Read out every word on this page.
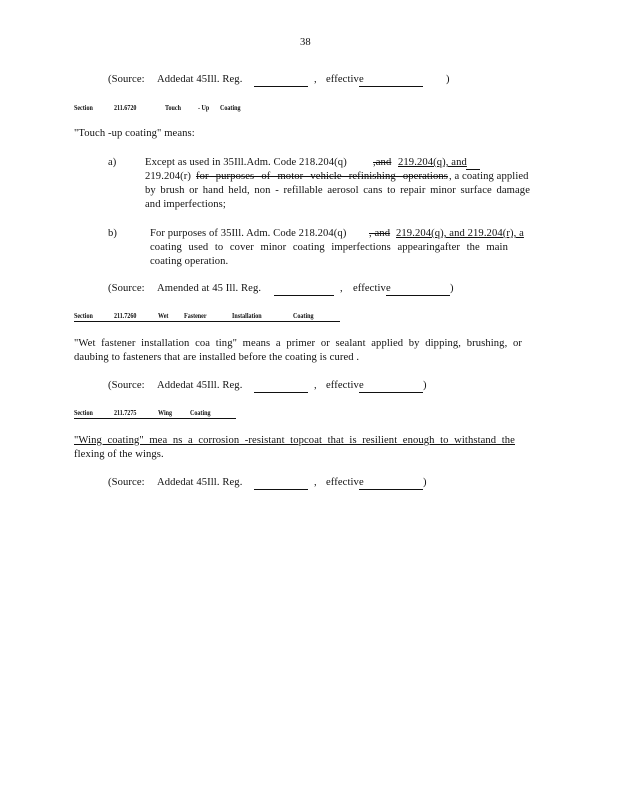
38
(Source: Addedat 45Ill. Reg.	, effective	)
Section	211.6720	Touch - Up Coating
"Touch -up coating" means:
a)	Except as used in 35Ill.Adm. Code 218.204(q) ,and 219.204(q), and
219.204(r) for purposes of motor vehicle refinishing operations , a coating applied
by brush or hand held, non - refillable aerosol cans to repair minor surface damage
and imperfections;
b)	For purposes of 35Ill. Adm. Code 218.204(q) , and 219.204(q), and 219.204(r), a
coating used to cover minor coating imperfections appearingafter the main
coating operation.
(Source: Amended at 45 Ill. Reg.	, effective	)
Section	211.7260	Wet Fastener	Installation	Coating
"Wet fastener installation coa ting" means a primer or sealant applied by dipping, brushing, or
daubing to fasteners that are installed before the coating is cured .
(Source: Addedat 45Ill. Reg.	, effective	)
Section	211.7275	Wing Coating
"Wing coating" mea ns a corrosion -resistant topcoat that is resilient enough to withstand the
flexing of the wings.
(Source: Addedat 45Ill. Reg.	, effective	)
